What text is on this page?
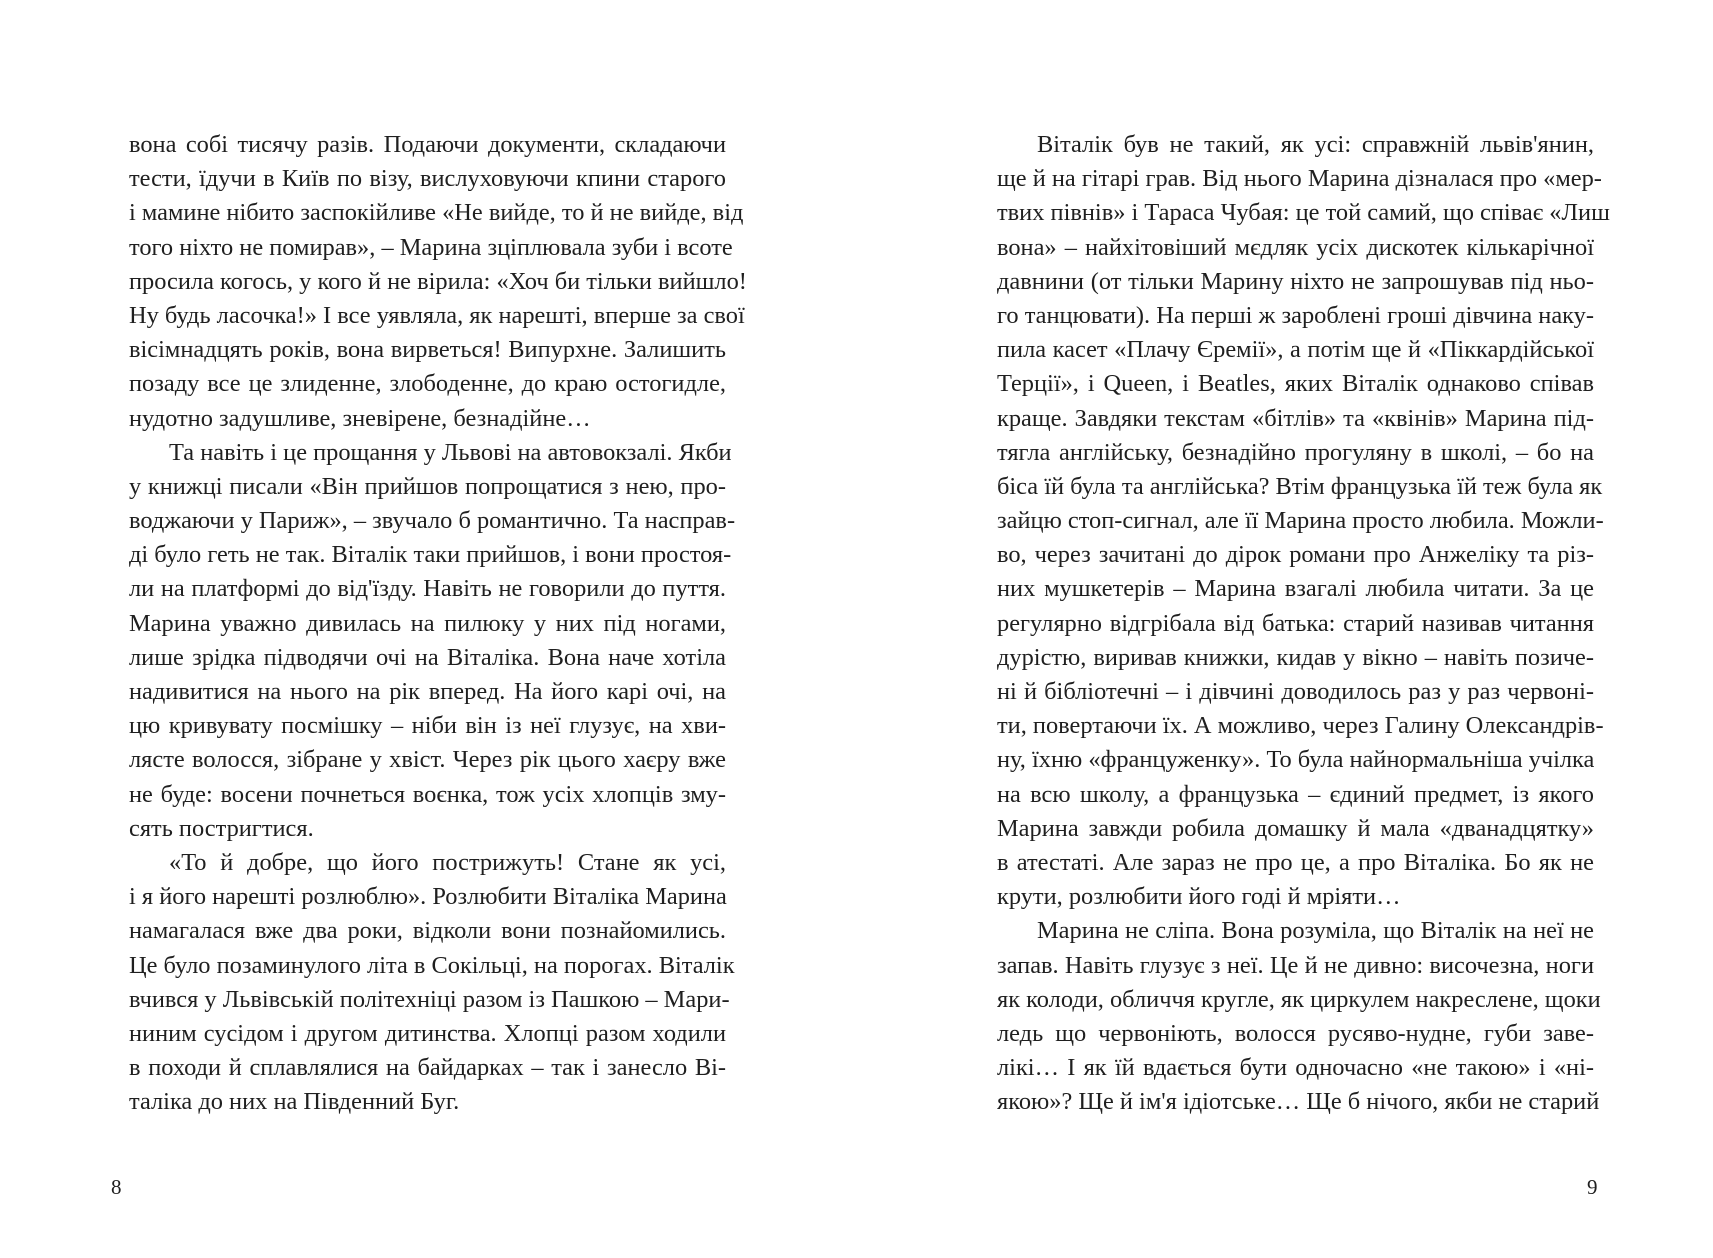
вона собі тисячу разів. Подаючи документи, складаючи
тести, їдучи в Київ по візу, вислуховуючи кпини старого
і мамине нібито заспокійливе «Не вийде, то й не вийде, від
того ніхто не помирав», – Марина зціплювала зуби і всоте
просила когось, у кого й не вірила: «Хоч би тільки вийшло!
Ну будь ласочка!» І все уявляла, як нарешті, вперше за свої
вісімнадцять років, вона вирветься! Випурхне. Залишить
позаду все це злиденне, злободенне, до краю остогидле,
нудотно задушливе, зневірене, безнадійне…
Та навіть і це прощання у Львові на автовокзалі. Якби
у книжці писали «Він прийшов попрощатися з нею, про-
воджаючи у Париж», – звучало б романтично. Та насправ-
ді було геть не так. Віталік таки прийшов, і вони простоя-
ли на платформі до від'їзду. Навіть не говорили до пуття.
Марина уважно дивилась на пилюку у них під ногами,
лише зрідка підводячи очі на Віталіка. Вона наче хотіла
надивитися на нього на рік вперед. На його карі очі, на
цю кривувату посмішку – ніби він із неї глузує, на хви-
лясте волосся, зібране у хвіст. Через рік цього хаєру вже
не буде: восени почнеться воєнка, тож усіх хлопців зму-
сять постригтися.
«То й добре, що його пострижуть! Стане як усі,
і я його нарешті розлюблю». Розлюбити Віталіка Марина
намагалася вже два роки, відколи вони познайомились.
Це було позаминулого літа в Сокільці, на порогах. Віталік
вчився у Львівській політехніці разом із Пашкою – Мари-
ниним сусідом і другом дитинства. Хлопці разом ходили
в походи й сплавлялися на байдарках – так і занесло Ві-
таліка до них на Південний Буг.
8
Віталік був не такий, як усі: справжній львів'янин,
ще й на гітарі грав. Від нього Марина дізналася про «мер-
твих півнів» і Тараса Чубая: це той самий, що співає «Лиш
вона» – найхітовіший мєдляк усіх дискотек кількарічної
давнини (от тільки Марину ніхто не запрошував під ньо-
го танцювати). На перші ж зароблені гроші дівчина наку-
пила касет «Плачу Єремії», а потім ще й «Піккардійської
Терції», і Queen, і Beatles, яких Віталік однаково співав
краще. Завдяки текстам «бітлів» та «квінів» Марина під-
тягла англійську, безнадійно прогуляну в школі, – бо на
біса їй була та англійська? Втім французька їй теж була як
зайцю стоп-сигнал, але її Марина просто любила. Можли-
во, через зачитані до дірок романи про Анжеліку та різ-
них мушкетерів – Марина взагалі любила читати. За це
регулярно відгрібала від батька: старий називав читання
дурістю, виривав книжки, кидав у вікно – навіть позиче-
ні й бібліотечні – і дівчині доводилось раз у раз червоні-
ти, повертаючи їх. А можливо, через Галину Олександрів-
ну, їхню «француженку». То була найнормальніша учілка
на всю школу, а французька – єдиний предмет, із якого
Марина завжди робила домашку й мала «дванадцятку»
в атестаті. Але зараз не про це, а про Віталіка. Бо як не
крути, розлюбити його годі й мріяти…
Марина не сліпа. Вона розуміла, що Віталік на неї не
запав. Навіть глузує з неї. Це й не дивно: височезна, ноги
як колоди, обличчя кругле, як циркулем накреслене, щоки
ледь що червоніють, волосся русяво-нудне, губи заве-
лікі… І як їй вдається бути одночасно «не такою» і «ні-
якою»? Ще й ім'я ідіотське… Ще б нічого, якби не старий
9
